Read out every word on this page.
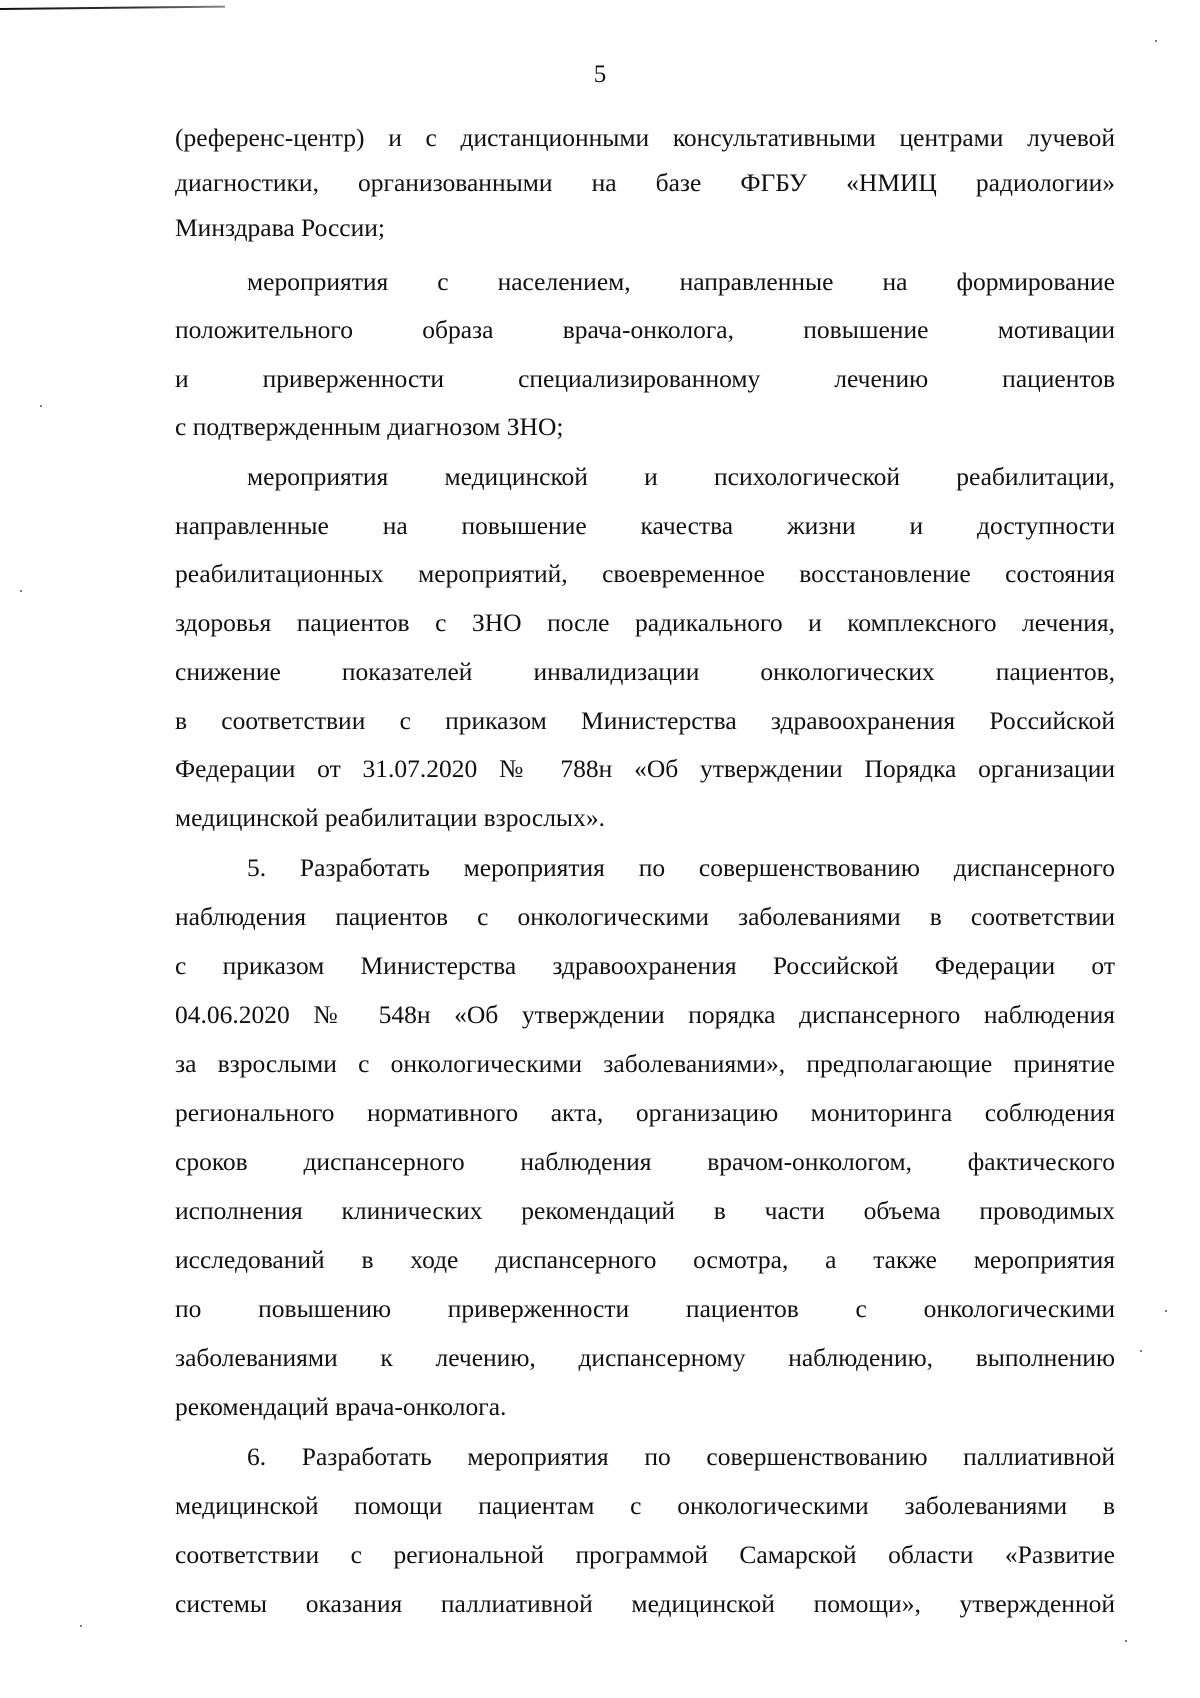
5
(референс-центр) и с дистанционными консультативными центрами лучевой
диагностики, организованными на базе ФГБУ «НМИЦ радиологии»
Минздрава России;
мероприятия с населением, направленные на формирование
положительного образа врача-онколога, повышение мотивации
и приверженности специализированному лечению пациентов
с подтвержденным диагнозом ЗНО;
мероприятия медицинской и психологической реабилитации,
направленные на повышение качества жизни и доступности
реабилитационных мероприятий, своевременное восстановление состояния
здоровья пациентов с ЗНО после радикального и комплексного лечения,
снижение показателей инвалидизации онкологических пациентов,
в соответствии с приказом Министерства здравоохранения Российской
Федерации от 31.07.2020 № 788н «Об утверждении Порядка организации
медицинской реабилитации взрослых».
5. Разработать мероприятия по совершенствованию диспансерного
наблюдения пациентов с онкологическими заболеваниями в соответствии
с приказом Министерства здравоохранения Российской Федерации от
04.06.2020 № 548н «Об утверждении порядка диспансерного наблюдения
за взрослыми с онкологическими заболеваниями», предполагающие принятие
регионального нормативного акта, организацию мониторинга соблюдения
сроков диспансерного наблюдения врачом-онкологом, фактического
исполнения клинических рекомендаций в части объема проводимых
исследований в ходе диспансерного осмотра, а также мероприятия
по повышению приверженности пациентов с онкологическими
заболеваниями к лечению, диспансерному наблюдению, выполнению
рекомендаций врача-онколога.
6. Разработать мероприятия по совершенствованию паллиативной
медицинской помощи пациентам с онкологическими заболеваниями в
соответствии с региональной программой Самарской области «Развитие
системы оказания паллиативной медицинской помощи», утвержденной
